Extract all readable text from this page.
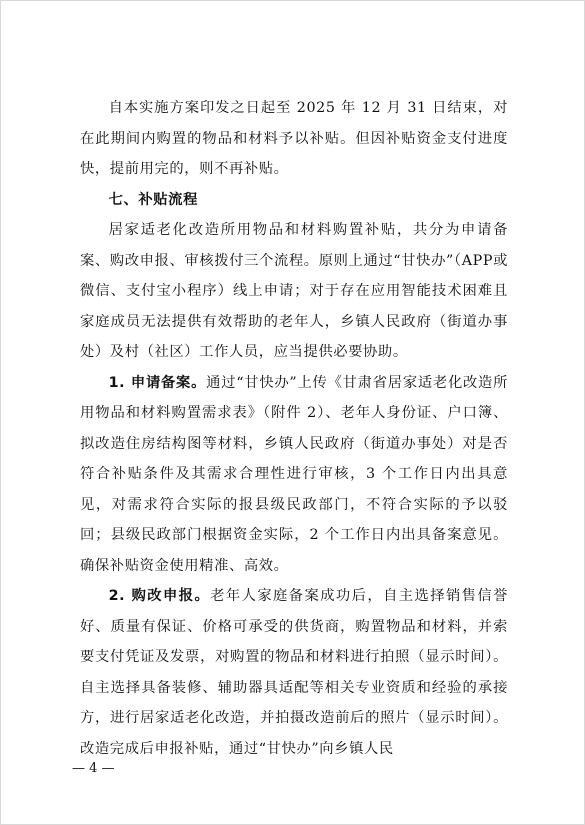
自本实施方案印发之日起至 2025 年 12 月 31 日结束，对在此期间内购置的物品和材料予以补贴。但因补贴资金支付进度快，提前用完的，则不再补贴。

七、补贴流程

居家适老化改造所用物品和材料购置补贴，共分为申请备案、购改申报、审核拨付三个流程。原则上通过“甘快办”（APP或微信、支付宝小程序）线上申请；对于存在应用智能技术困难且家庭成员无法提供有效帮助的老年人，乡镇人民政府（街道办事处）及村（社区）工作人员，应当提供必要协助。

1. 申请备案。通过“甘快办”上传《甘肃省居家适老化改造所用物品和材料购置需求表》（附件 2）、老年人身份证、户口簿、拟改造住房结构图等材料，乡镇人民政府（街道办事处）对是否符合补贴条件及其需求合理性进行审核，3 个工作日内出具意见，对需求符合实际的报县级民政部门，不符合实际的予以驳回；县级民政部门根据资金实际，2 个工作日内出具备案意见。确保补贴资金使用精准、高效。

2. 购改申报。老年人家庭备案成功后，自主选择销售信誉好、质量有保证、价格可承受的供货商，购置物品和材料，并索要支付凭证及发票，对购置的物品和材料进行拍照（显示时间）。自主选择具备装修、辅助器具适配等相关专业资质和经验的承接方，进行居家适老化改造，并拍摄改造前后的照片（显示时间）。改造完成后申报补贴，通过“甘快办”向乡镇人民

— 4 —
